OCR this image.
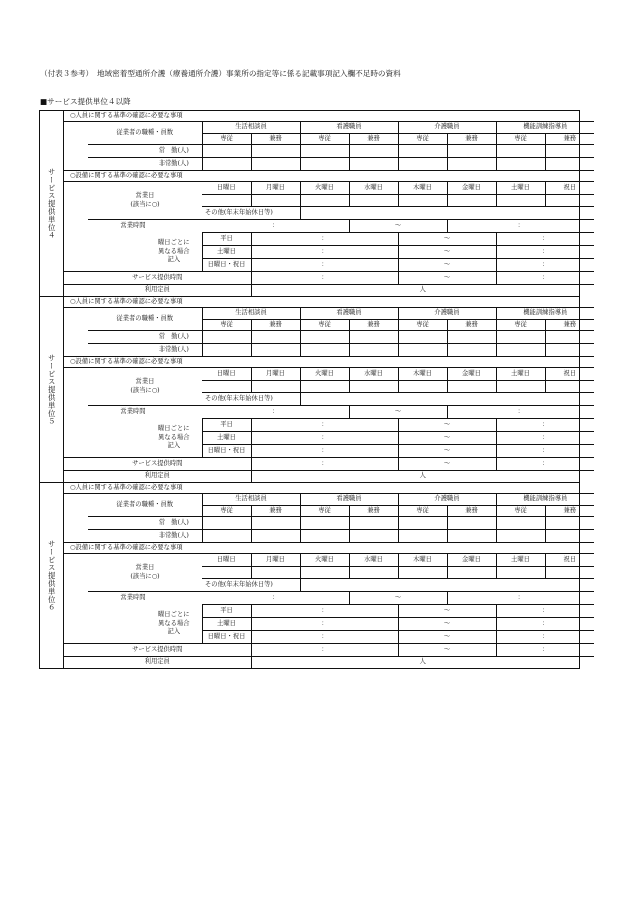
（付表３参考）　地域密着型通所介護（療養通所介護）事業所の指定等に係る記載事項記入欄不足時の資料
■サービス提供単位４以降
サービス提供単位４
○人員に関する基準の確認に必要な事項										
	従業者の職種・員数		生活相談員		看護職員		介護職員		機能訓練指導員	
			専従	兼務	専従	兼務	専従	兼務	専従	兼務
		常　勤(人)								
		非常勤(人)								
○設備に関する基準の確認に必要な事項										
	営業日
(該当に○)		日曜日	月曜日	火曜日	水曜日	木曜日	金曜日	土曜日	祝日

			その他(年末年始休日等)							
営業時間			：			～		：		
		曜日ごとに
異なる場合
記入	平日	：			～		：	
			土曜日	：			～		：	
			日曜日・祝日	：			～		：	
サービス提供時間				：			～		：	
利用定員				人						
サービス提供単位５
○人員に関する基準の確認に必要な事項										
	従業者の職種・員数		生活相談員		看護職員		介護職員		機能訓練指導員	
			専従	兼務	専従	兼務	専従	兼務	専従	兼務
		常　勤(人)								
		非常勤(人)								
○設備に関する基準の確認に必要な事項										
	営業日
(該当に○)		日曜日	月曜日	火曜日	水曜日	木曜日	金曜日	土曜日	祝日

			その他(年末年始休日等)							
営業時間			：			～		：		
		曜日ごとに
異なる場合
記入	平日	：			～		：	
			土曜日	：			～		：	
			日曜日・祝日	：			～		：	
サービス提供時間				：			～		：	
利用定員				人						
サービス提供単位６
○人員に関する基準の確認に必要な事項										
	従業者の職種・員数		生活相談員		看護職員		介護職員		機能訓練指導員	
			専従	兼務	専従	兼務	専従	兼務	専従	兼務
		常　勤(人)								
		非常勤(人)								
○設備に関する基準の確認に必要な事項										
	営業日
(該当に○)		日曜日	月曜日	火曜日	水曜日	木曜日	金曜日	土曜日	祝日

			その他(年末年始休日等)							
営業時間			：			～		：		
		曜日ごとに
異なる場合
記入	平日	：			～		：	
			土曜日	：			～		：	
			日曜日・祝日	：			～		：	
サービス提供時間				：			～		：	
利用定員				人						
